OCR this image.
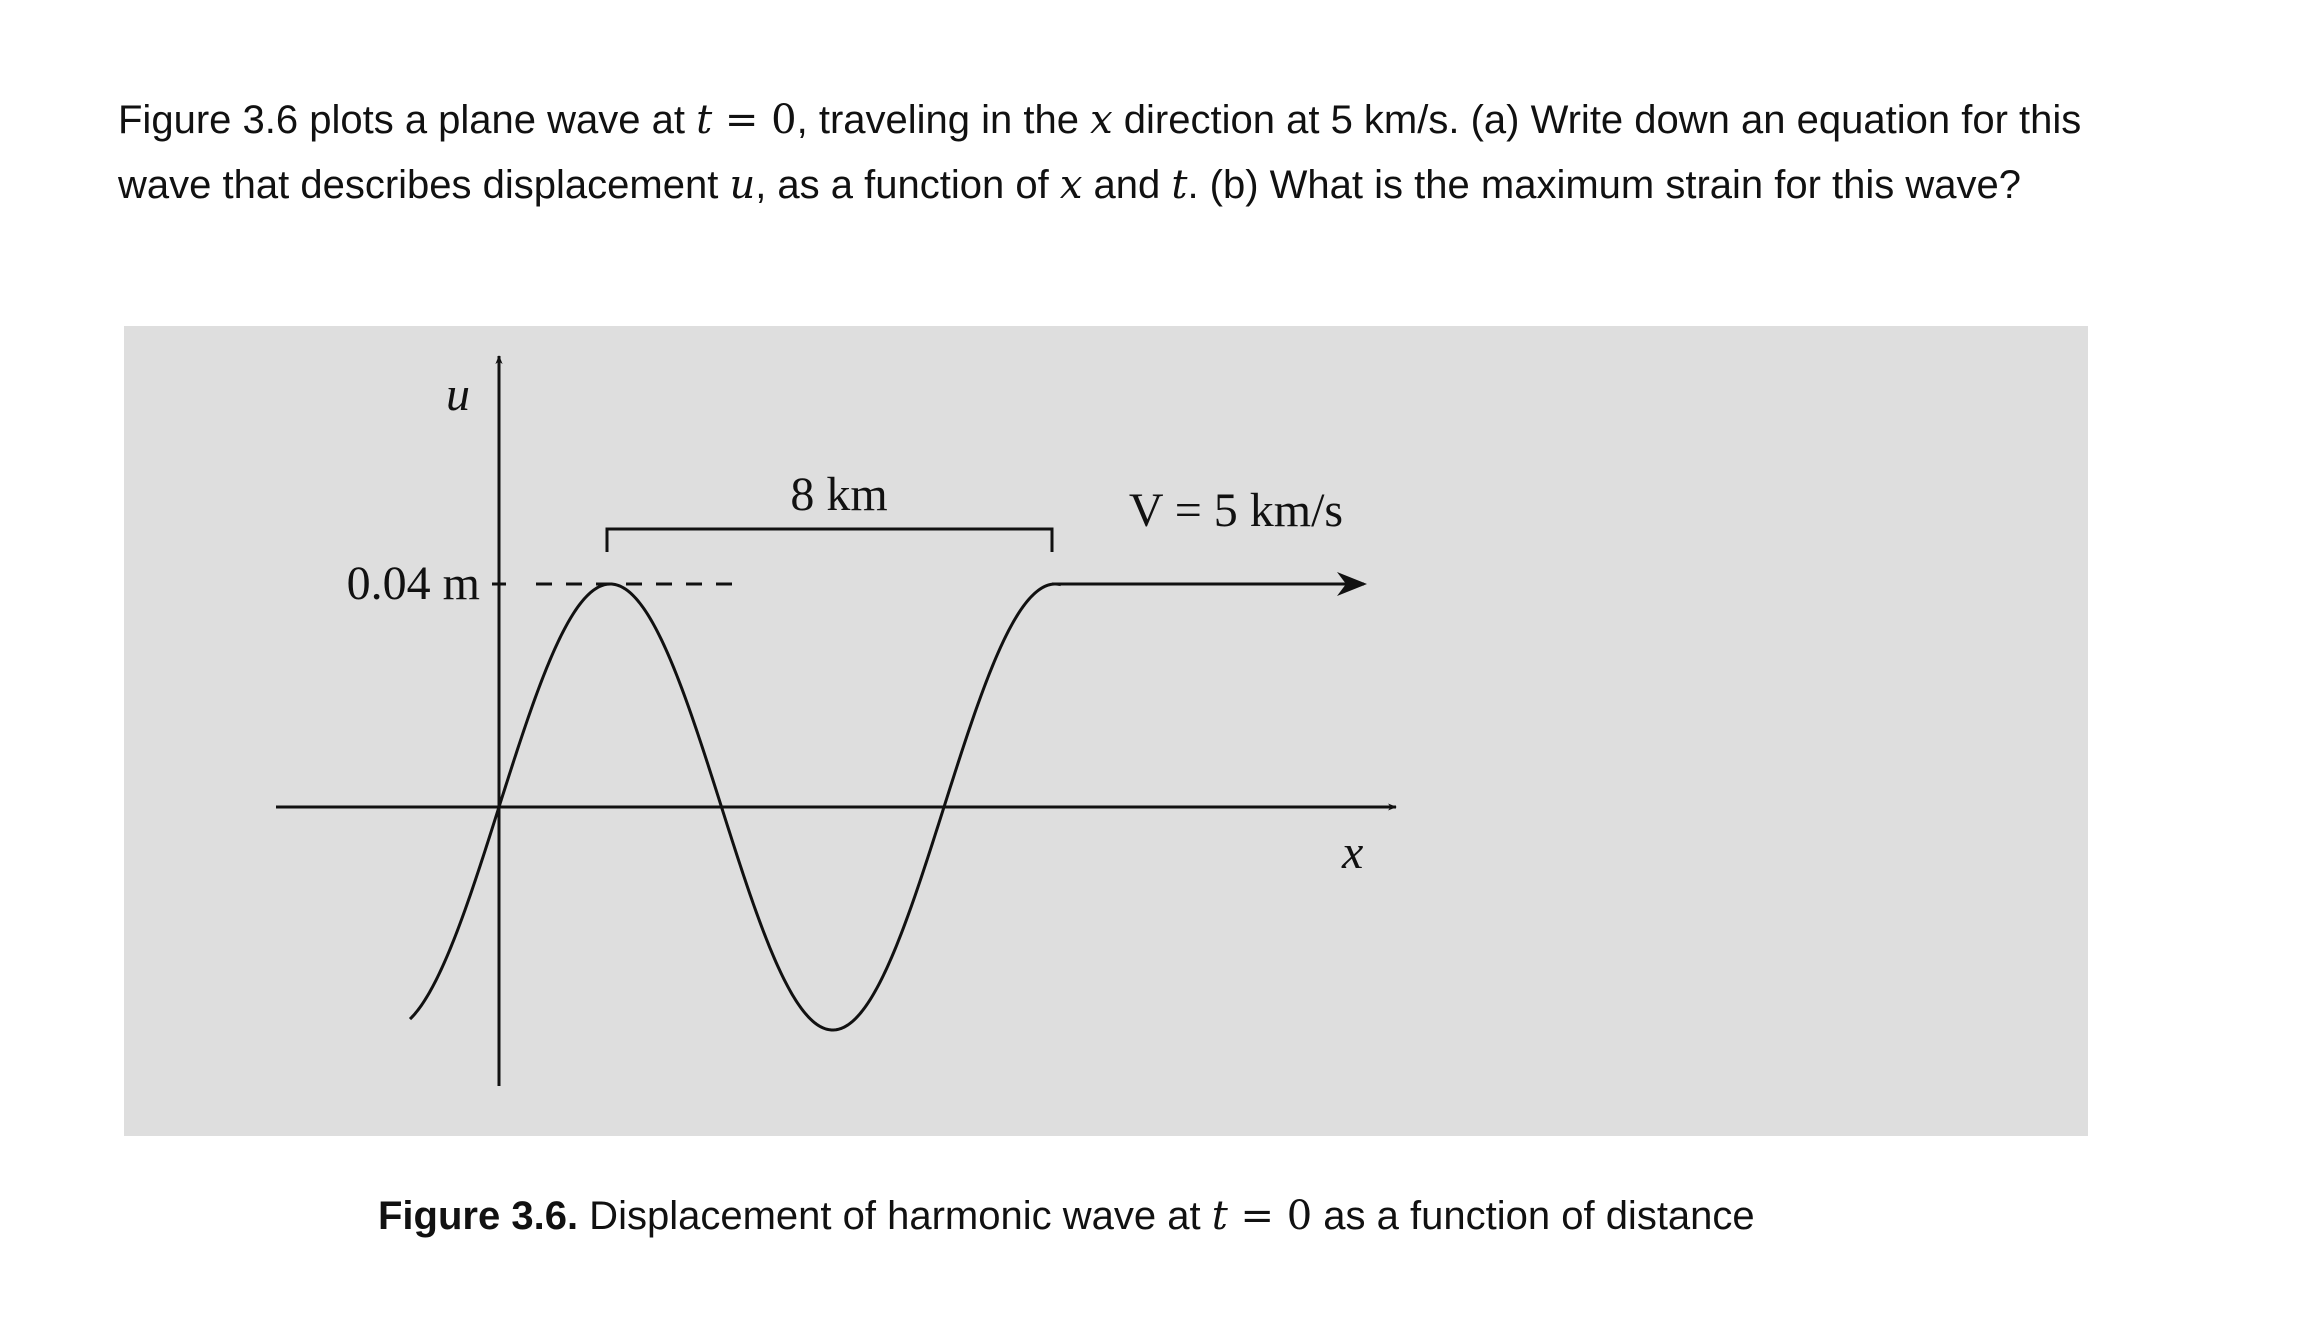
Figure 3.6 plots a plane wave at t = 0, traveling in the x direction at 5 km/s. (a) Write down an equation for this wave that describes displacement u, as a function of x and t. (b) What is the maximum strain for this wave?

u
0.04 m
8 km	V = 5 km/s
x

Figure 3.6. Displacement of harmonic wave at t = 0 as a function of distance
